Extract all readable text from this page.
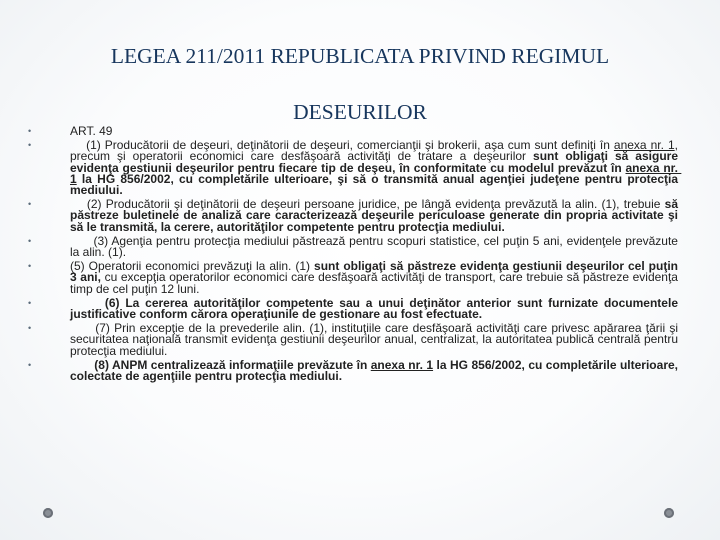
LEGEA 211/2011 REPUBLICATA PRIVIND REGIMUL
DESEURILOR
•	ART. 49
•	(1) Producătorii de deşeuri, deţinătorii de deşeuri, comercianţii şi brokerii, aşa cum sunt definiţi în anexa nr. 1, precum şi operatorii economici care desfăşoară activităţi de tratare a deşeurilor sunt obligaţi să asigure evidenţa gestiunii deşeurilor pentru fiecare tip de deşeu, în conformitate cu modelul prevăzut în anexa nr. 1 la HG 856/2002, cu completările ulterioare, şi să o transmită anual agenţiei judeţene pentru protecţia mediului.
•	(2) Producătorii şi deţinătorii de deşeuri persoane juridice, pe lângă evidenţa prevăzută la alin. (1), trebuie să păstreze buletinele de analiză care caracterizează deşeurile periculoase generate din propria activitate şi să le transmită, la cerere, autorităţilor competente pentru protecţia mediului.
•	(3) Agenţia pentru protecţia mediului păstrează pentru scopuri statistice, cel puţin 5 ani, evidenţele prevăzute la alin. (1).
•	(5) Operatorii economici prevăzuţi la alin. (1) sunt obligaţi să păstreze evidenţa gestiunii deşeurilor cel puţin 3 ani, cu excepţia operatorilor economici care desfăşoară activităţi de transport, care trebuie să păstreze evidenţa timp de cel puţin 12 luni.
•	(6) La cererea autorităţilor competente sau a unui deţinător anterior sunt furnizate documentele justificative conform cărora operaţiunile de gestionare au fost efectuate.
•	(7) Prin excepţie de la prevederile alin. (1), instituţiile care desfăşoară activităţi care privesc apărarea ţării şi securitatea naţională transmit evidenţa gestiunii deşeurilor anual, centralizat, la autoritatea publică centrală pentru protecţia mediului.
•	(8) ANPM centralizează informaţiile prevăzute în anexa nr. 1 la HG 856/2002, cu completările ulterioare, colectate de agenţiile pentru protecţia mediului.
